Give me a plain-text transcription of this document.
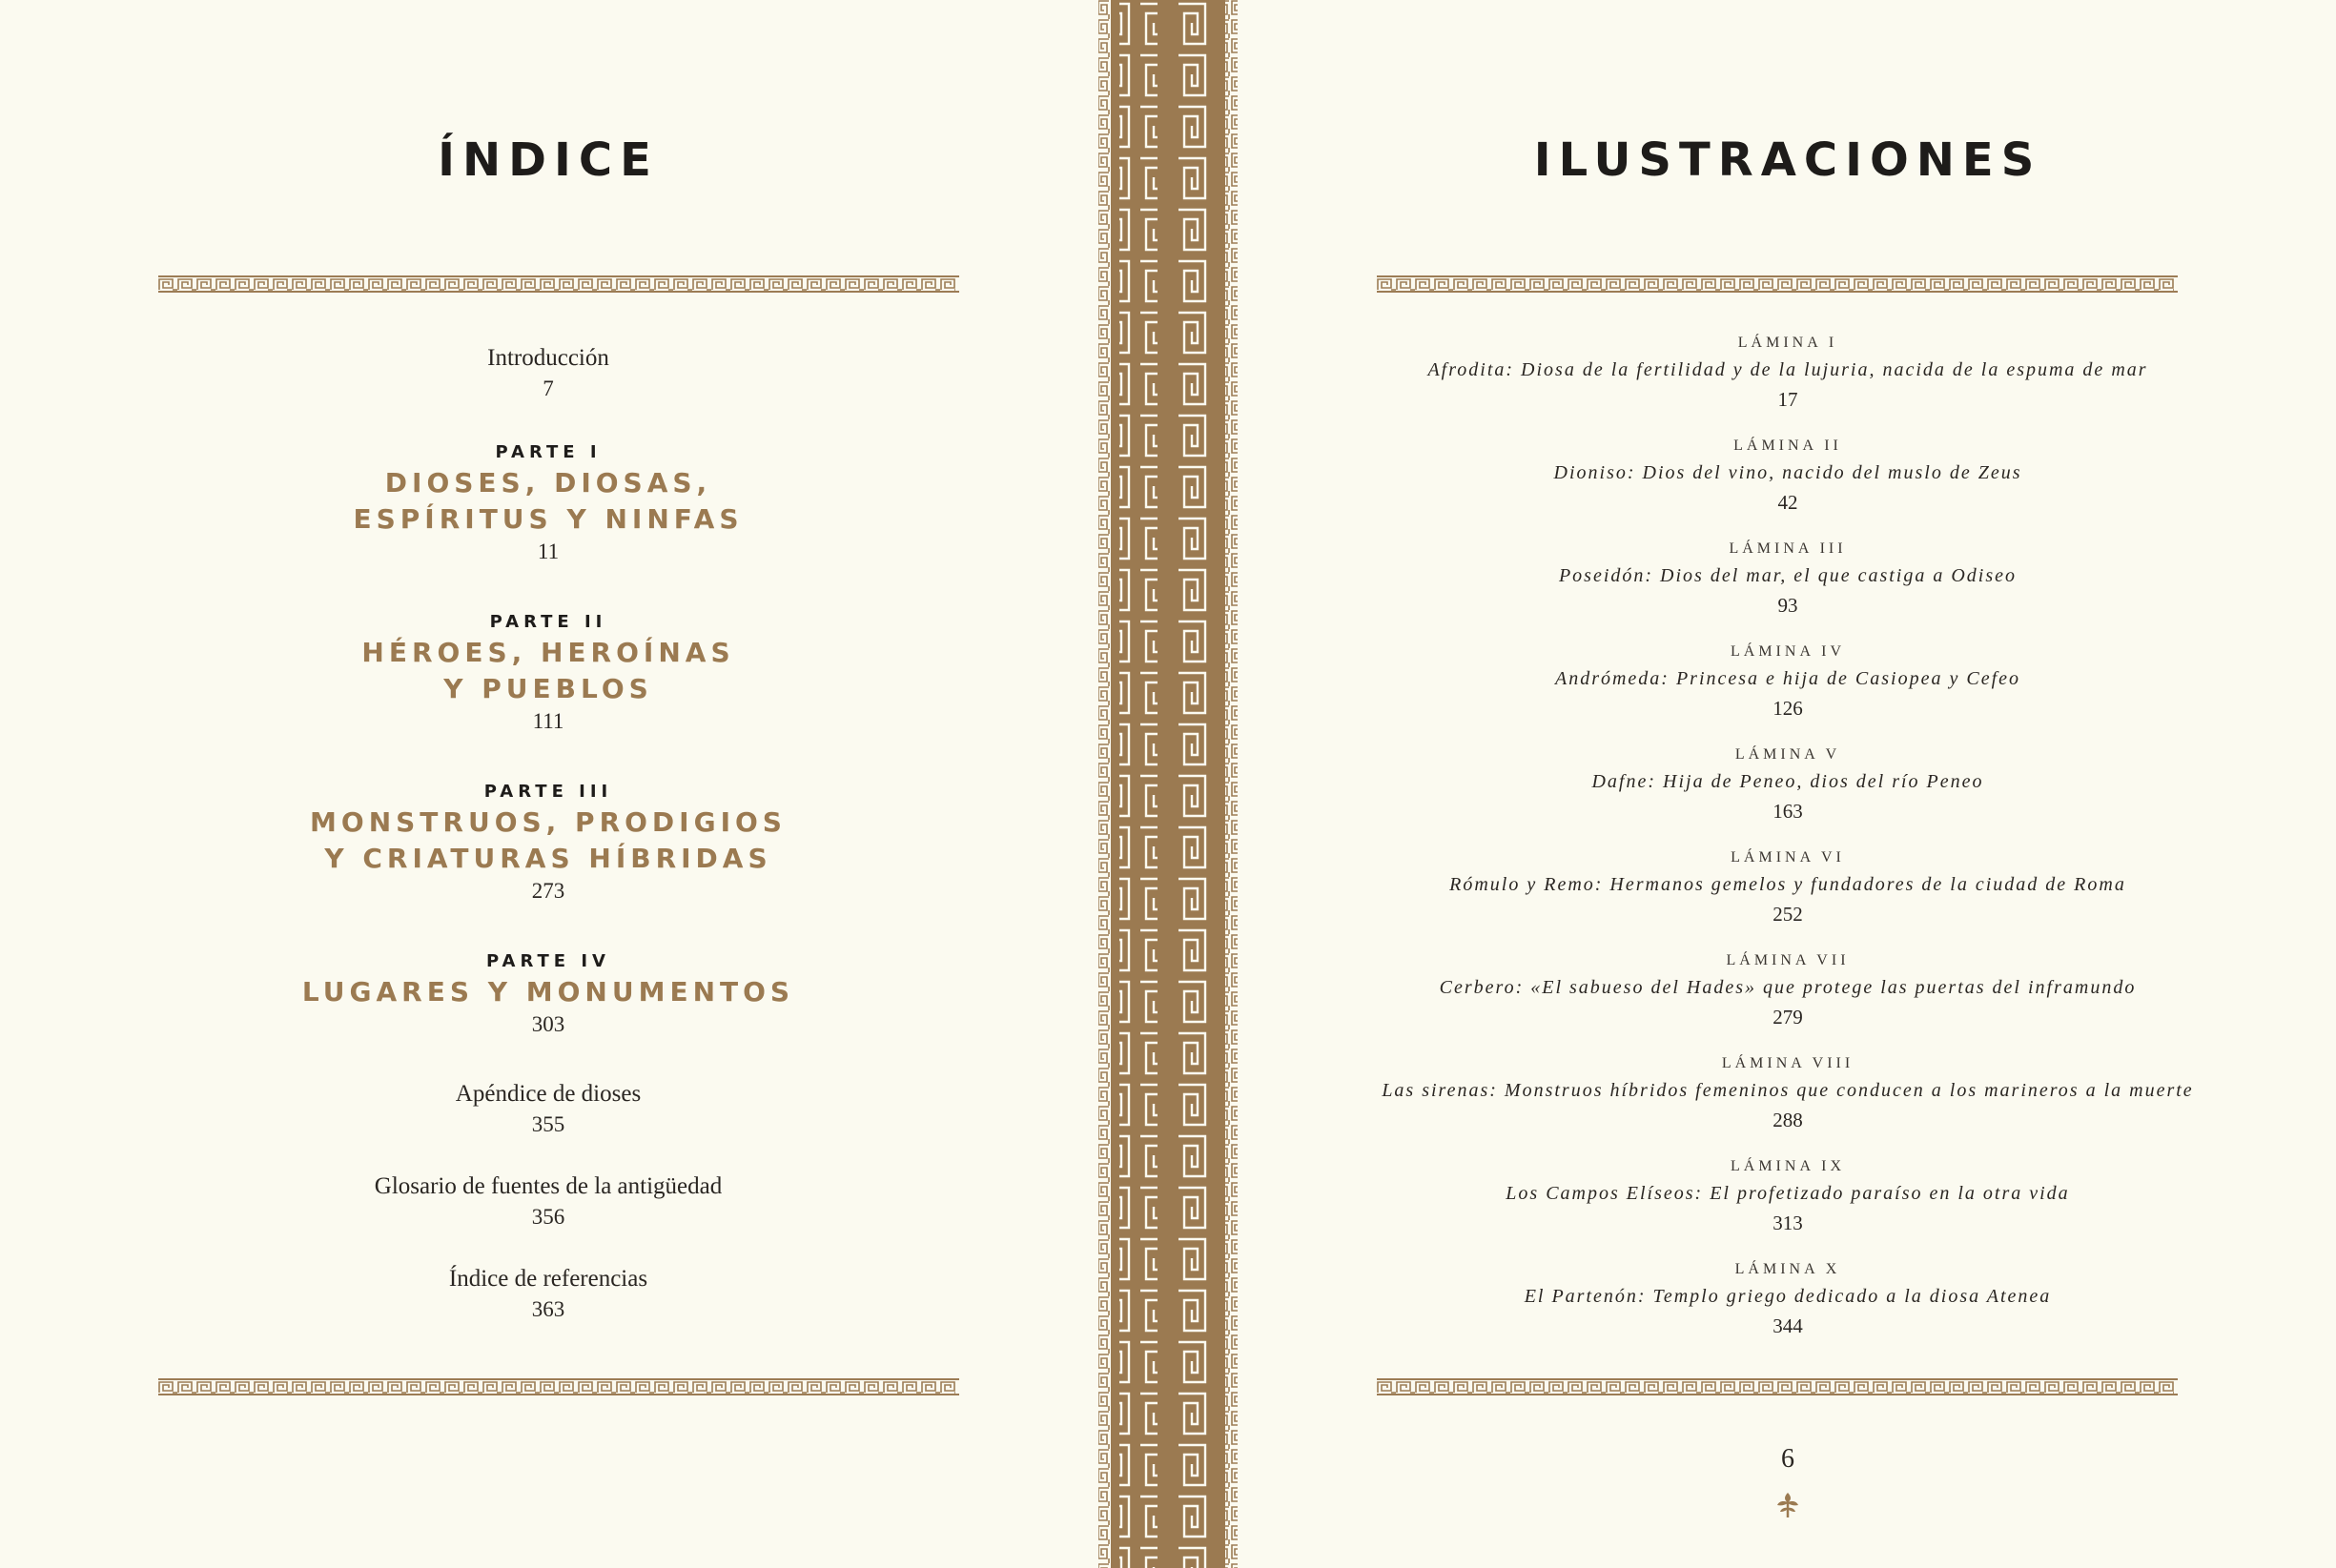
ÍNDICE
Introducción
7
PARTE I
DIOSES, DIOSAS,
ESPÍRITUS Y NINFAS
11
PARTE II
HÉROES, HEROÍNAS
Y PUEBLOS
111
PARTE III
MONSTRUOS, PRODIGIOS
Y CRIATURAS HÍBRIDAS
273
PARTE IV
LUGARES Y MONUMENTOS
303
Apéndice de dioses
355
Glosario de fuentes de la antigüedad
356
Índice de referencias
363
ILUSTRACIONES
LÁMINA I
Afrodita: Diosa de la fertilidad y de la lujuria, nacida de la espuma de mar
17
LÁMINA II
Dioniso: Dios del vino, nacido del muslo de Zeus
42
LÁMINA III
Poseidón: Dios del mar, el que castiga a Odiseo
93
LÁMINA IV
Andrómeda: Princesa e hija de Casiopea y Cefeo
126
LÁMINA V
Dafne: Hija de Peneo, dios del río Peneo
163
LÁMINA VI
Rómulo y Remo: Hermanos gemelos y fundadores de la ciudad de Roma
252
LÁMINA VII
Cerbero: «El sabueso del Hades» que protege las puertas del inframundo
279
LÁMINA VIII
Las sirenas: Monstruos híbridos femeninos que conducen a los marineros a la muerte
288
LÁMINA IX
Los Campos Elíseos: El profetizado paraíso en la otra vida
313
LÁMINA X
El Partenón: Templo griego dedicado a la diosa Atenea
344
6
